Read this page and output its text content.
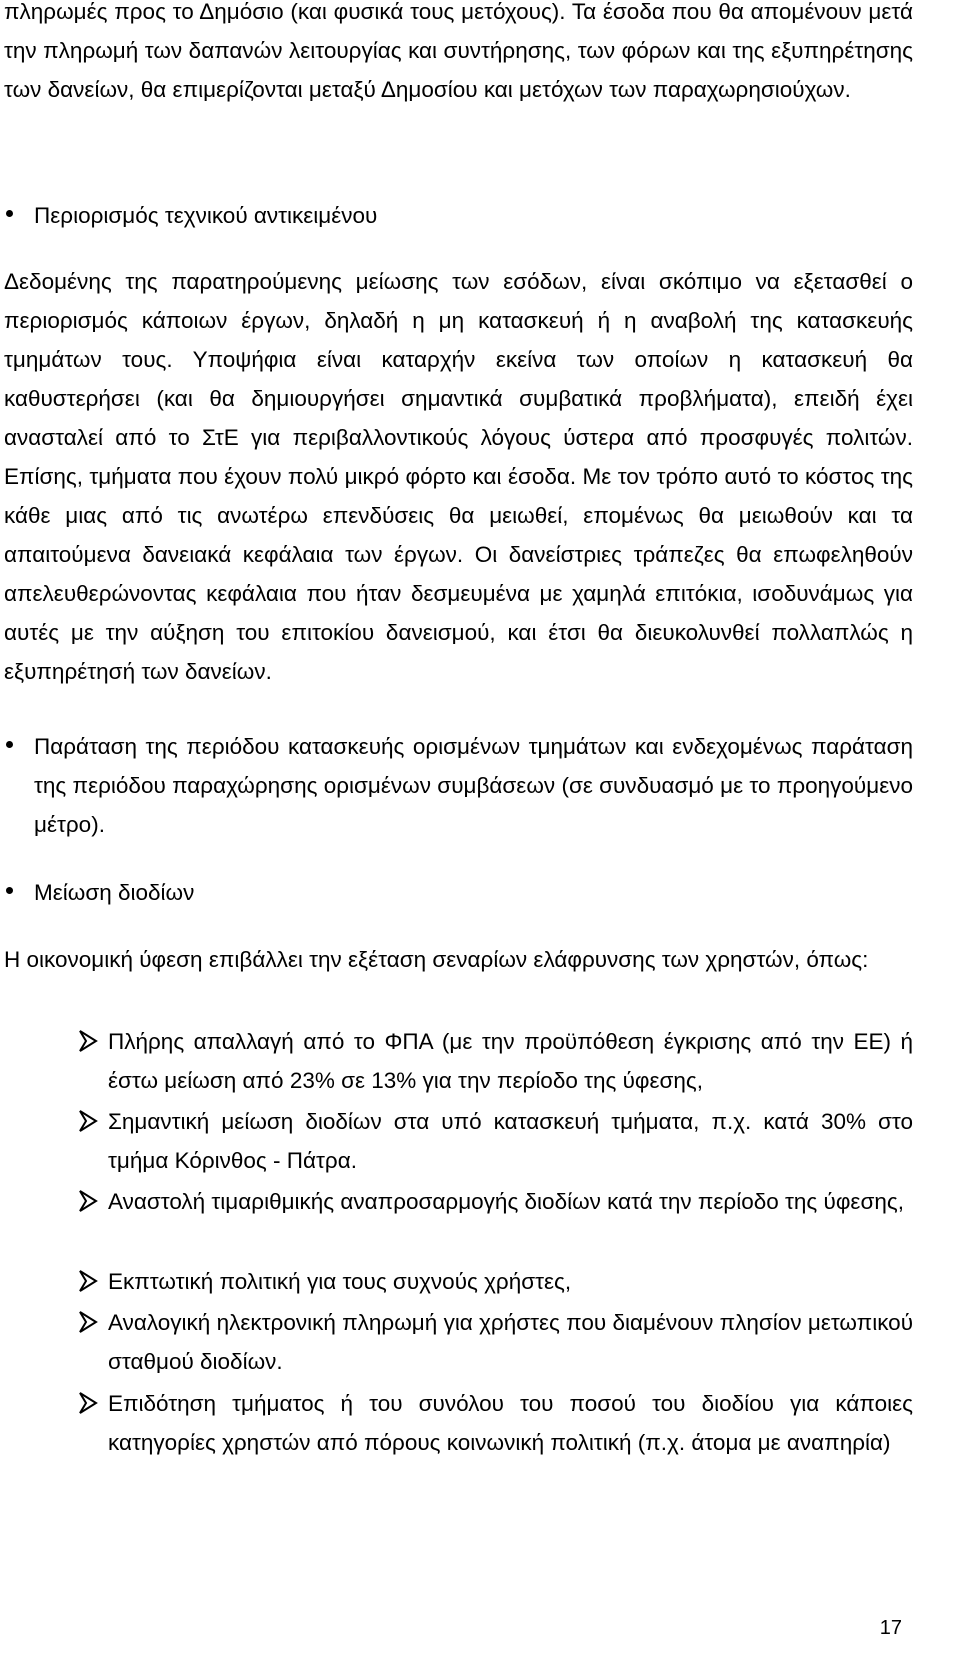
πληρωμές προς το Δημόσιο (και φυσικά τους μετόχους). Τα έσοδα που θα απομένουν μετά την πληρωμή των δαπανών λειτουργίας και συντήρησης, των φόρων και της εξυπηρέτησης των δανείων, θα επιμερίζονται μεταξύ Δημοσίου και μετόχων των παραχωρησιούχων.

Περιορισμός τεχνικού αντικειμένου

Δεδομένης της παρατηρούμενης μείωσης των εσόδων, είναι σκόπιμο να εξετασθεί ο περιορισμός κάποιων έργων, δηλαδή η μη κατασκευή ή η αναβολή της κατασκευής τμημάτων τους. Υποψήφια είναι καταρχήν εκείνα των οποίων η κατασκευή θα καθυστερήσει (και θα δημιουργήσει σημαντικά συμβατικά προβλήματα), επειδή έχει ανασταλεί από το ΣτΕ για περιβαλλοντικούς λόγους ύστερα από προσφυγές πολιτών. Επίσης, τμήματα που έχουν πολύ μικρό φόρτο και έσοδα. Με τον τρόπο αυτό το κόστος της κάθε μιας από τις ανωτέρω επενδύσεις θα μειωθεί, επομένως θα μειωθούν και τα απαιτούμενα δανειακά κεφάλαια των έργων. Οι δανείστριες τράπεζες θα επωφεληθούν απελευθερώνοντας κεφάλαια που ήταν δεσμευμένα με χαμηλά επιτόκια, ισοδυνάμως για αυτές με την αύξηση του επιτοκίου δανεισμού, και έτσι θα διευκολυνθεί πολλαπλώς η εξυπηρέτησή των δανείων.

Παράταση της περιόδου κατασκευής ορισμένων τμημάτων και ενδεχομένως παράταση της περιόδου παραχώρησης ορισμένων συμβάσεων (σε συνδυασμό με το προηγούμενο μέτρο).

Μείωση διοδίων

Η οικονομική ύφεση επιβάλλει την εξέταση σεναρίων ελάφρυνσης των χρηστών, όπως:

Πλήρης απαλλαγή από το ΦΠΑ (με την προϋπόθεση έγκρισης από την ΕΕ) ή έστω μείωση από 23% σε 13% για την περίοδο της ύφεσης,

Σημαντική μείωση διοδίων στα υπό κατασκευή τμήματα, π.χ. κατά 30% στο τμήμα Κόρινθος - Πάτρα.

Αναστολή τιμαριθμικής αναπροσαρμογής διοδίων κατά την περίοδο της ύφεσης,

Εκπτωτική πολιτική για τους συχνούς χρήστες,

Αναλογική ηλεκτρονική πληρωμή για χρήστες που διαμένουν πλησίον μετωπικού σταθμού διοδίων.

Επιδότηση τμήματος ή του συνόλου του ποσού του διοδίου για κάποιες κατηγορίες χρηστών από πόρους κοινωνική πολιτική (π.χ. άτομα με αναπηρία)

17
